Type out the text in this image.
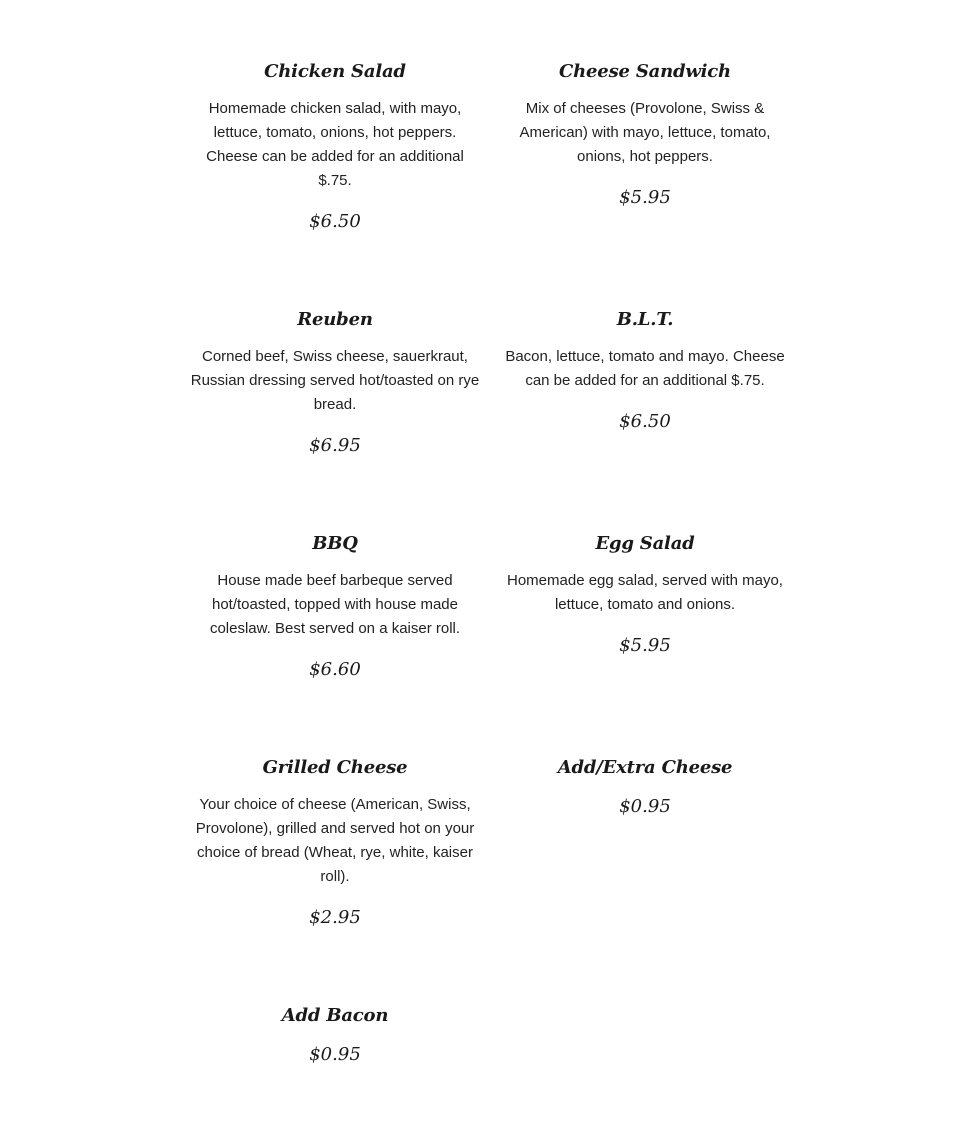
Chicken Salad

Homemade chicken salad, with mayo, lettuce, tomato, onions, hot peppers. Cheese can be added for an additional $.75.

$6.50

Cheese Sandwich

Mix of cheeses (Provolone, Swiss & American) with mayo, lettuce, tomato, onions, hot peppers.

$5.95

Reuben

Corned beef, Swiss cheese, sauerkraut, Russian dressing served hot/toasted on rye bread.

$6.95

B.L.T.

Bacon, lettuce, tomato and mayo. Cheese can be added for an additional $.75.

$6.50

BBQ

House made beef barbeque served hot/toasted, topped with house made coleslaw. Best served on a kaiser roll.

$6.60

Egg Salad

Homemade egg salad, served with mayo, lettuce, tomato and onions.

$5.95

Grilled Cheese

Your choice of cheese (American, Swiss, Provolone), grilled and served hot on your choice of bread (Wheat, rye, white, kaiser roll).

$2.95

Add/Extra Cheese

$0.95

Add Bacon

$0.95
